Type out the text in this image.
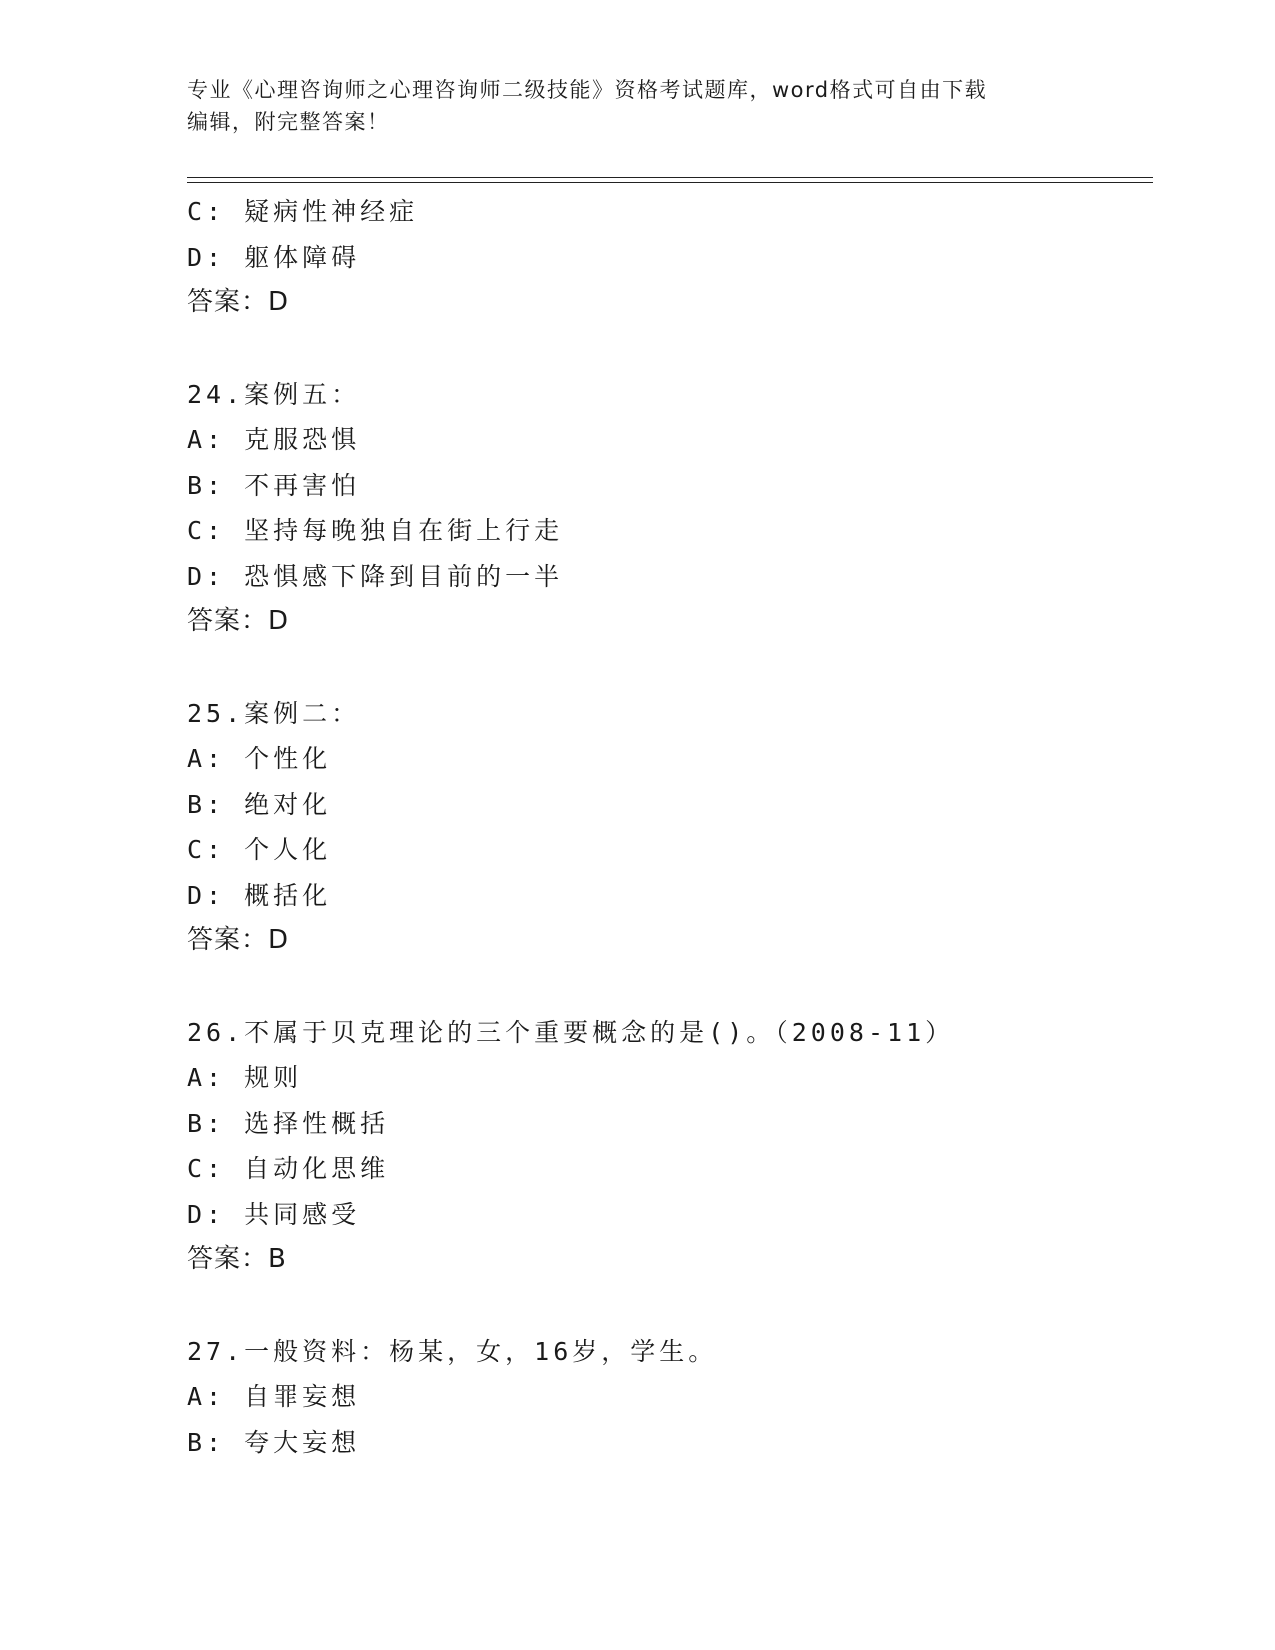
专业《心理咨询师之心理咨询师二级技能》资格考试题库，word格式可自由下载
编辑，附完整答案！
C: 疑病性神经症
D: 躯体障碍
答案：D
24.案例五：
A: 克服恐惧
B: 不再害怕
C: 坚持每晚独自在街上行走
D: 恐惧感下降到目前的一半
答案：D
25.案例二：
A: 个性化
B: 绝对化
C: 个人化
D: 概括化
答案：D
26.不属于贝克理论的三个重要概念的是()。（2008-11）
A: 规则
B: 选择性概括
C: 自动化思维
D: 共同感受
答案：B
27.一般资料：杨某，女，16岁，学生。
A: 自罪妄想
B: 夸大妄想
